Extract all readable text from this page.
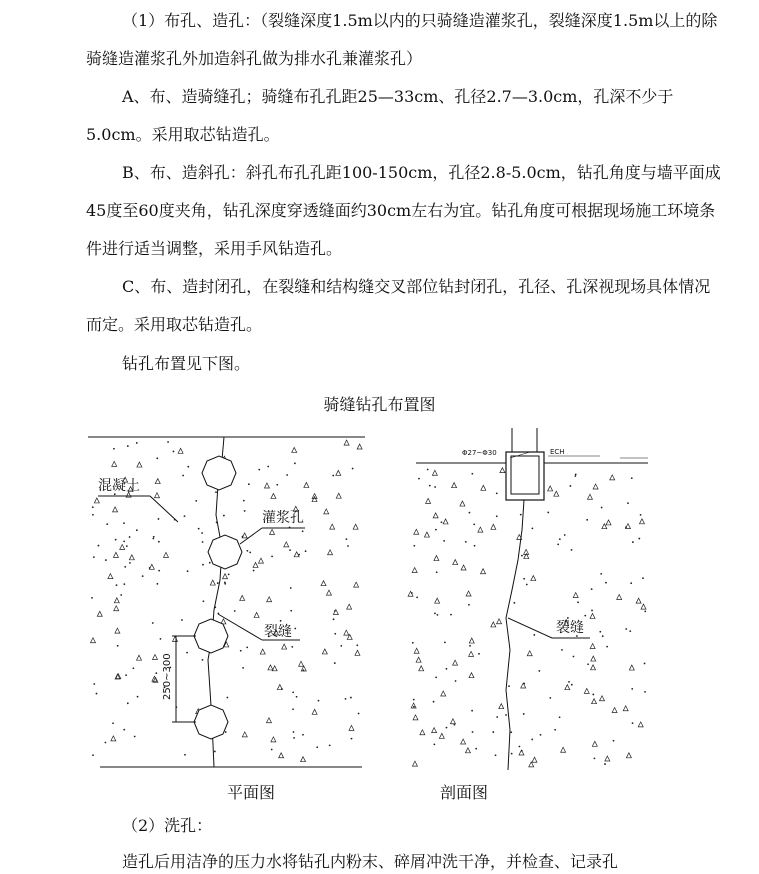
（1）布孔、造孔：（裂缝深度1.5m以内的只骑缝造灌浆孔，裂缝深度1.5m以上的除骑缝造灌浆孔外加造斜孔做为排水孔兼灌浆孔）
A、布、造骑缝孔；骑缝布孔孔距25—33cm、孔径2.7—3.0cm，孔深不少于5.0cm。采用取芯钻造孔。
B、布、造斜孔：斜孔布孔孔距100-150cm，孔径2.8-5.0cm，钻孔角度与墙平面成45度至60度夹角，钻孔深度穿透缝面约30cm左右为宜。钻孔角度可根据现场施工环境条件进行适当调整，采用手风钻造孔。
C、布、造封闭孔，在裂缝和结构缝交叉部位钻封闭孔，孔径、孔深视现场具体情况而定。采用取芯钻造孔。
钻孔布置见下图。
骑缝钻孔布置图
混凝土
灌浆孔
裂缝
250~300
平面图
Φ27~Φ30	ECH
裂缝
剖面图
（2）洗孔：
造孔后用洁净的压力水将钻孔内粉末、碎屑冲洗干净，并检查、记录孔
